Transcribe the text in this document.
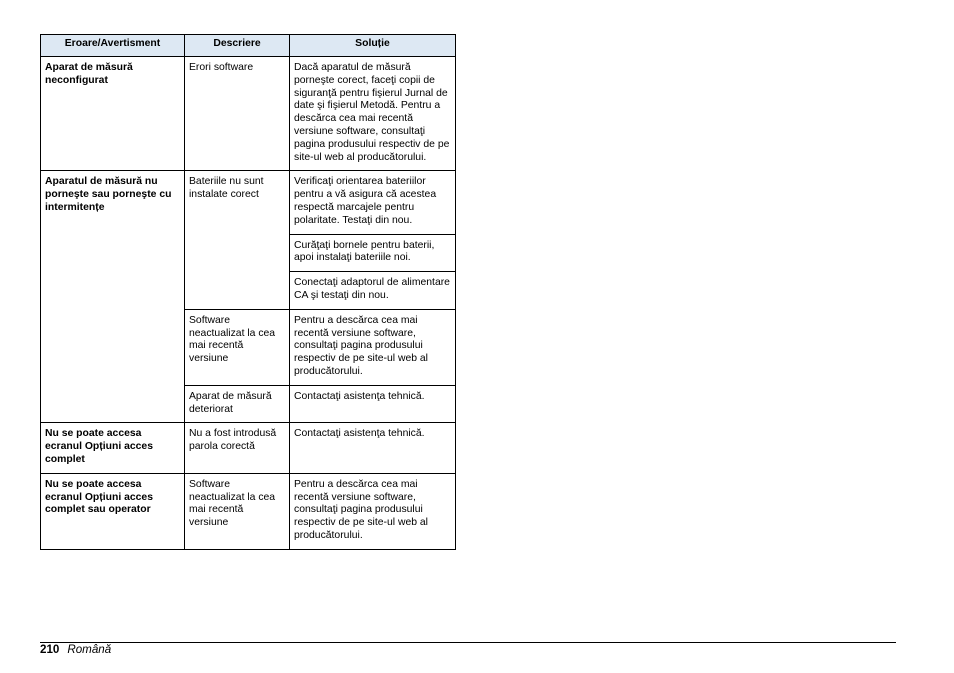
Eroare/Avertisment	Descriere	Soluție
Aparat de măsură neconfigurat	Erori software	Dacă aparatul de măsură porneşte corect, faceţi copii de siguranţă pentru fişierul Jurnal de date şi fişierul Metodă. Pentru a descărca cea mai recentă versiune software, consultaţi pagina produsului respectiv de pe site-ul web al producătorului.
Aparatul de măsură nu porneşte sau porneşte cu intermitențe	Bateriile nu sunt instalate corect	Verificaţi orientarea bateriilor pentru a vă asigura că acestea respectă marcajele pentru polaritate. Testaţi din nou.
		Curăţaţi bornele pentru baterii, apoi instalaţi bateriile noi.
		Conectaţi adaptorul de alimentare CA şi testaţi din nou.
	Software neactualizat la cea mai recentă versiune	Pentru a descărca cea mai recentă versiune software, consultaţi pagina produsului respectiv de pe site-ul web al producătorului.
	Aparat de măsură deteriorat	Contactaţi asistenţa tehnică.
Nu se poate accesa ecranul Opțiuni acces complet	Nu a fost introdusă parola corectă	Contactaţi asistenţa tehnică.
Nu se poate accesa ecranul Opțiuni acces complet sau operator	Software neactualizat la cea mai recentă versiune	Pentru a descărca cea mai recentă versiune software, consultaţi pagina produsului respectiv de pe site-ul web al producătorului.
210 Română
